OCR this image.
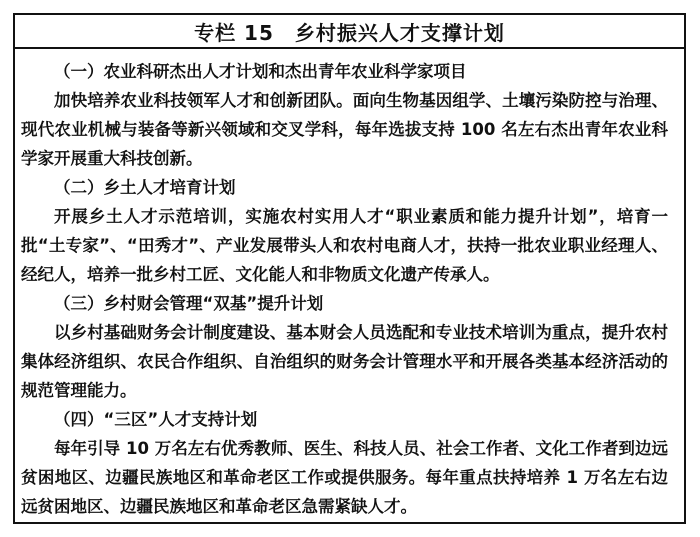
专栏 15　乡村振兴人才支撑计划

（一）农业科研杰出人才计划和杰出青年农业科学家项目

加快培养农业科技领军人才和创新团队。面向生物基因组学、土壤污染防控与治理、现代农业机械与装备等新兴领域和交叉学科，每年选拔支持 100 名左右杰出青年农业科学家开展重大科技创新。

（二）乡土人才培育计划

开展乡土人才示范培训，实施农村实用人才“职业素质和能力提升计划”，培育一批“土专家”、“田秀才”、产业发展带头人和农村电商人才，扶持一批农业职业经理人、经纪人，培养一批乡村工匠、文化能人和非物质文化遗产传承人。

（三）乡村财会管理“双基”提升计划

以乡村基础财务会计制度建设、基本财会人员选配和专业技术培训为重点，提升农村集体经济组织、农民合作组织、自治组织的财务会计管理水平和开展各类基本经济活动的规范管理能力。

（四）“三区”人才支持计划

每年引导 10 万名左右优秀教师、医生、科技人员、社会工作者、文化工作者到边远贫困地区、边疆民族地区和革命老区工作或提供服务。每年重点扶持培养 1 万名左右边远贫困地区、边疆民族地区和革命老区急需紧缺人才。
